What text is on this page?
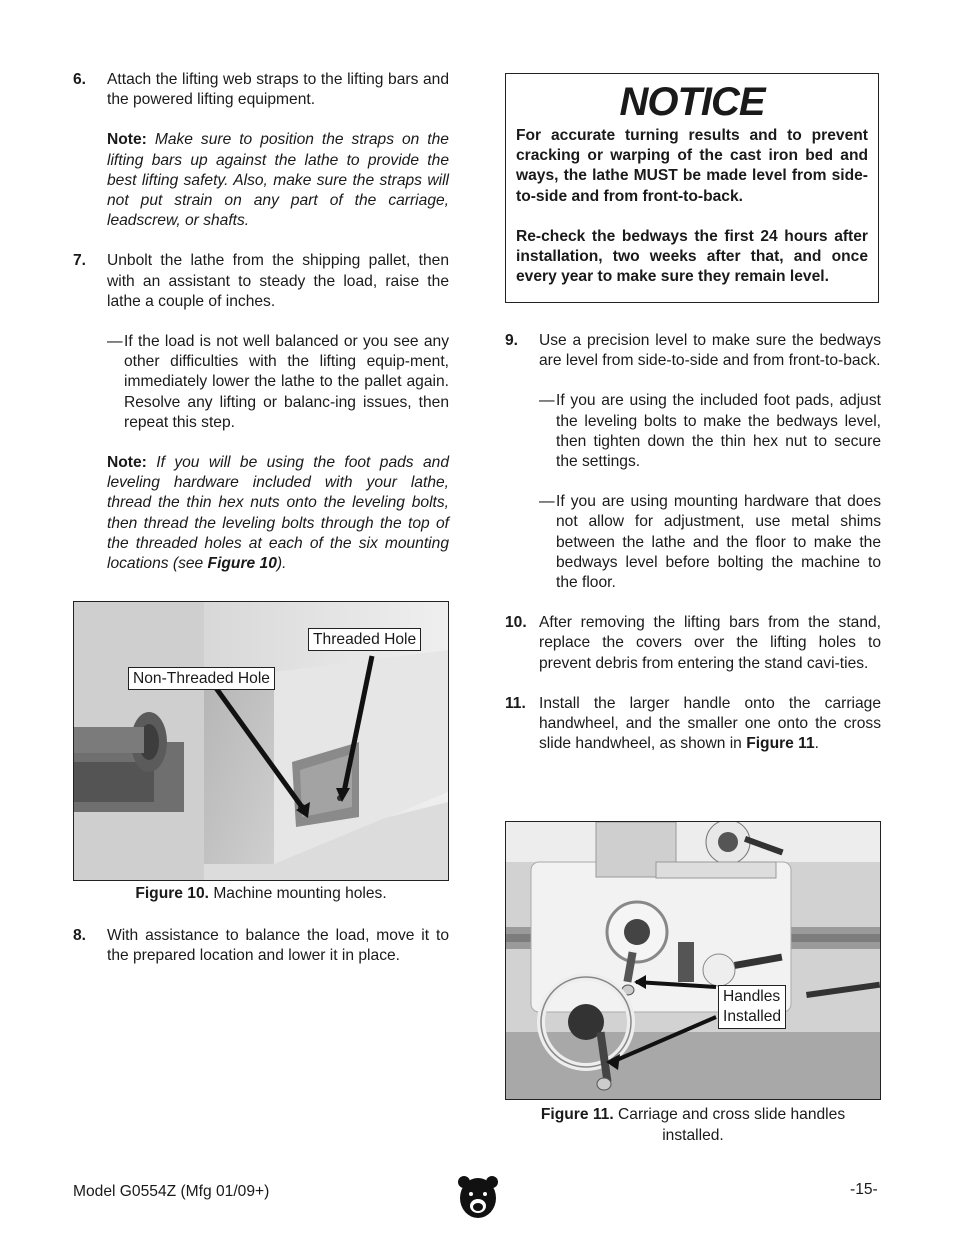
6. Attach the lifting web straps to the lifting bars and the powered lifting equipment.
Note: Make sure to position the straps on the lifting bars up against the lathe to provide the best lifting safety. Also, make sure the straps will not put strain on any part of the carriage, leadscrew, or shafts.
7. Unbolt the lathe from the shipping pallet, then with an assistant to steady the load, raise the lathe a couple of inches.
— If the load is not well balanced or you see any other difficulties with the lifting equip-ment, immediately lower the lathe to the pallet again. Resolve any lifting or balanc-ing issues, then repeat this step.
Note: If you will be using the foot pads and leveling hardware included with your lathe, thread the thin hex nuts onto the leveling bolts, then thread the leveling bolts through the top of the threaded holes at each of the six mounting locations (see Figure 10).
Threaded Hole
Non-Threaded Hole
Figure 10. Machine mounting holes.
8. With assistance to balance the load, move it to the prepared location and lower it in place.
NOTICE
For accurate turning results and to prevent cracking or warping of the cast iron bed and ways, the lathe MUST be made level from side-to-side and from front-to-back.
Re-check the bedways the first 24 hours after installation, two weeks after that, and once every year to make sure they remain level.
9. Use a precision level to make sure the bedways are level from side-to-side and from front-to-back.
— If you are using the included foot pads, adjust the leveling bolts to make the bedways level, then tighten down the thin hex nut to secure the settings.
— If you are using mounting hardware that does not allow for adjustment, use metal shims between the lathe and the floor to make the bedways level before bolting the machine to the floor.
10. After removing the lifting bars from the stand, replace the covers over the lifting holes to prevent debris from entering the stand cavi-ties.
11. Install the larger handle onto the carriage handwheel, and the smaller one onto the cross slide handwheel, as shown in Figure 11.
Handles
Installed
Figure 11. Carriage and cross slide handles
installed.
Model G0554Z (Mfg 01/09+)	-15-
